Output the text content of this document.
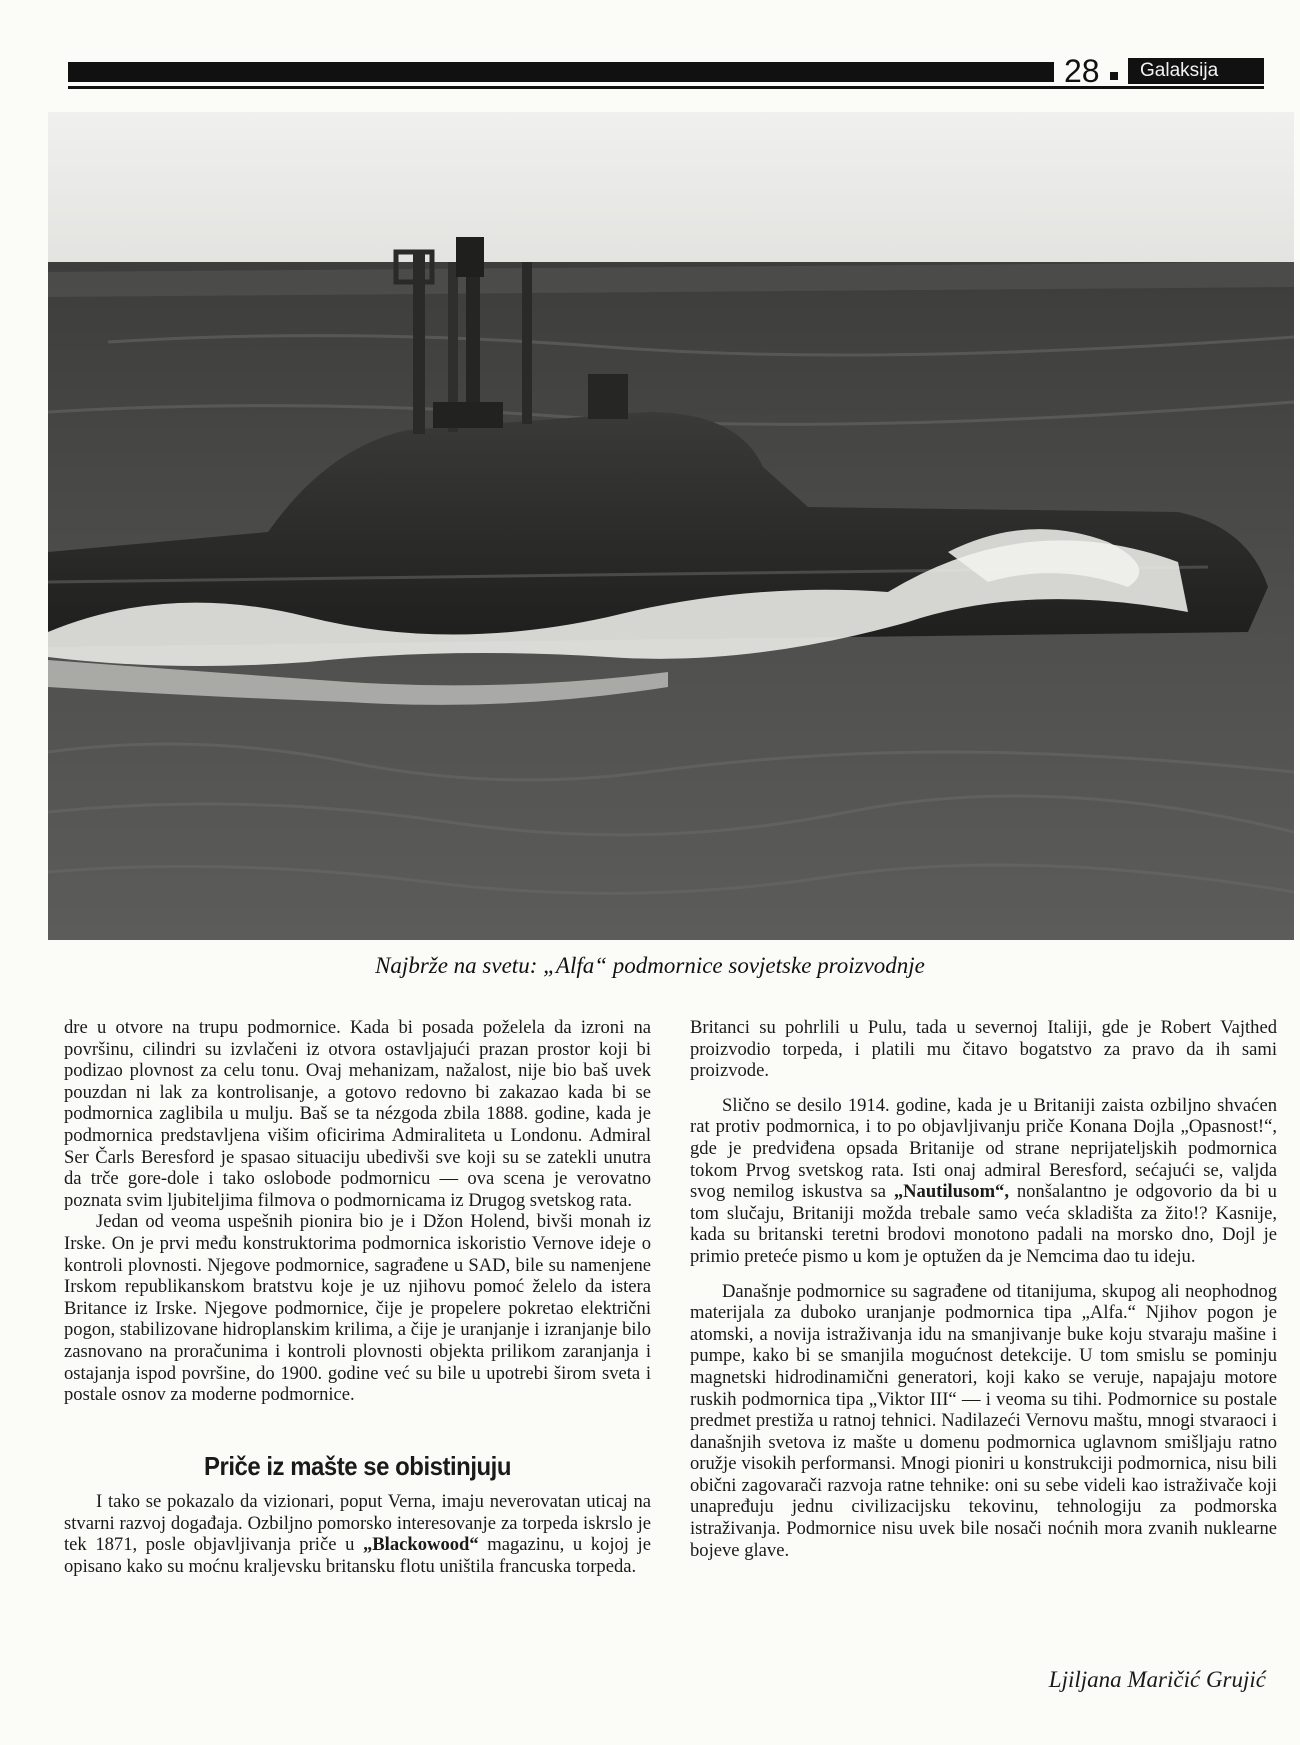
28	Galaksija
Najbrže na svetu: „Alfa“ podmornice sovjetske proizvodnje

dre u otvore na trupu podmornice. Kada bi posada poželela da izroni na površinu, cilindri su izvlačeni iz otvora ostavljajući prazan prostor koji bi podizao plovnost za celu tonu. Ovaj mehanizam, nažalost, nije bio baš uvek pouzdan ni lak za kontrolisanje, a gotovo redovno bi zakazao kada bi se podmornica zaglibila u mulju. Baš se ta nézgoda zbila 1888. godine, kada je podmornica predstavljena višim oficirima Admiraliteta u Londonu. Admiral Ser Čarls Beresford je spasao situaciju ubedivši sve koji su se zatekli unutra da trče gore-dole i tako oslobode podmornicu — ova scena je verovatno poznata svim ljubiteljima filmova o podmornicama iz Drugog svetskog rata.

Jedan od veoma uspešnih pionira bio je i Džon Holend, bivši monah iz Irske. On je prvi među konstruktorima podmornica iskoristio Vernove ideje o kontroli plovnosti. Njegove podmornice, sagrađene u SAD, bile su namenjene Irskom republikanskom bratstvu koje je uz njihovu pomoć želelo da istera Britance iz Irske. Njegove podmornice, čije je propelere pokretao električni pogon, stabilizovane hidroplanskim krilima, a čije je uranjanje i izranjanje bilo zasnovano na proračunima i kontroli plovnosti objekta prilikom zaranjanja i ostajanja ispod površine, do 1900. godine već su bile u upotrebi širom sveta i postale osnov za moderne podmornice.

Priče iz mašte se obistinjuju

I tako se pokazalo da vizionari, poput Verna, imaju neverovatan uticaj na stvarni razvoj događaja. Ozbiljno pomorsko interesovanje za torpeda iskrslo je tek 1871, posle objavljivanja priče u „Blackowood“ magazinu, u kojoj je opisano kako su moćnu kraljevsku britansku flotu uništila francuska torpeda.

Britanci su pohrlili u Pulu, tada u severnoj Italiji, gde je Robert Vajthed proizvodio torpeda, i platili mu čitavo bogatstvo za pravo da ih sami proizvode.

Slično se desilo 1914. godine, kada je u Britaniji zaista ozbiljno shvaćen rat protiv podmornica, i to po objavljivanju priče Konana Dojla „Opasnost!“, gde je predviđena opsada Britanije od strane neprijateljskih podmornica tokom Prvog svetskog rata. Isti onaj admiral Beresford, sećajući se, valjda svog nemilog iskustva sa „Nautilusom“, nonšalantno je odgovorio da bi u tom slučaju, Britaniji možda trebale samo veća skladišta za žito!? Kasnije, kada su britanski teretni brodovi monotono padali na morsko dno, Dojl je primio preteće pismo u kom je optužen da je Nemcima dao tu ideju.

Današnje podmornice su sagrađene od titanijuma, skupog ali neophodnog materijala za duboko uranjanje podmornica tipa „Alfa.“ Njihov pogon je atomski, a novija istraživanja idu na smanjivanje buke koju stvaraju mašine i pumpe, kako bi se smanjila mogućnost detekcije. U tom smislu se pominju magnetski hidrodinamični generatori, koji kako se veruje, napajaju motore ruskih podmornica tipa „Viktor III“ — i veoma su tihi. Podmornice su postale predmet prestiža u ratnoj tehnici. Nadilazeći Vernovu maštu, mnogi stvaraoci i današnjih svetova iz mašte u domenu podmornica uglavnom smišljaju ratno oružje visokih performansi. Mnogi pioniri u konstrukciji podmornica, nisu bili obični zagovarači razvoja ratne tehnike: oni su sebe videli kao istraživače koji unapređuju jednu civilizacijsku tekovinu, tehnologiju za podmorska istraživanja. Podmornice nisu uvek bile nosači noćnih mora zvanih nuklearne bojeve glave.

Ljiljana Maričić Grujić
